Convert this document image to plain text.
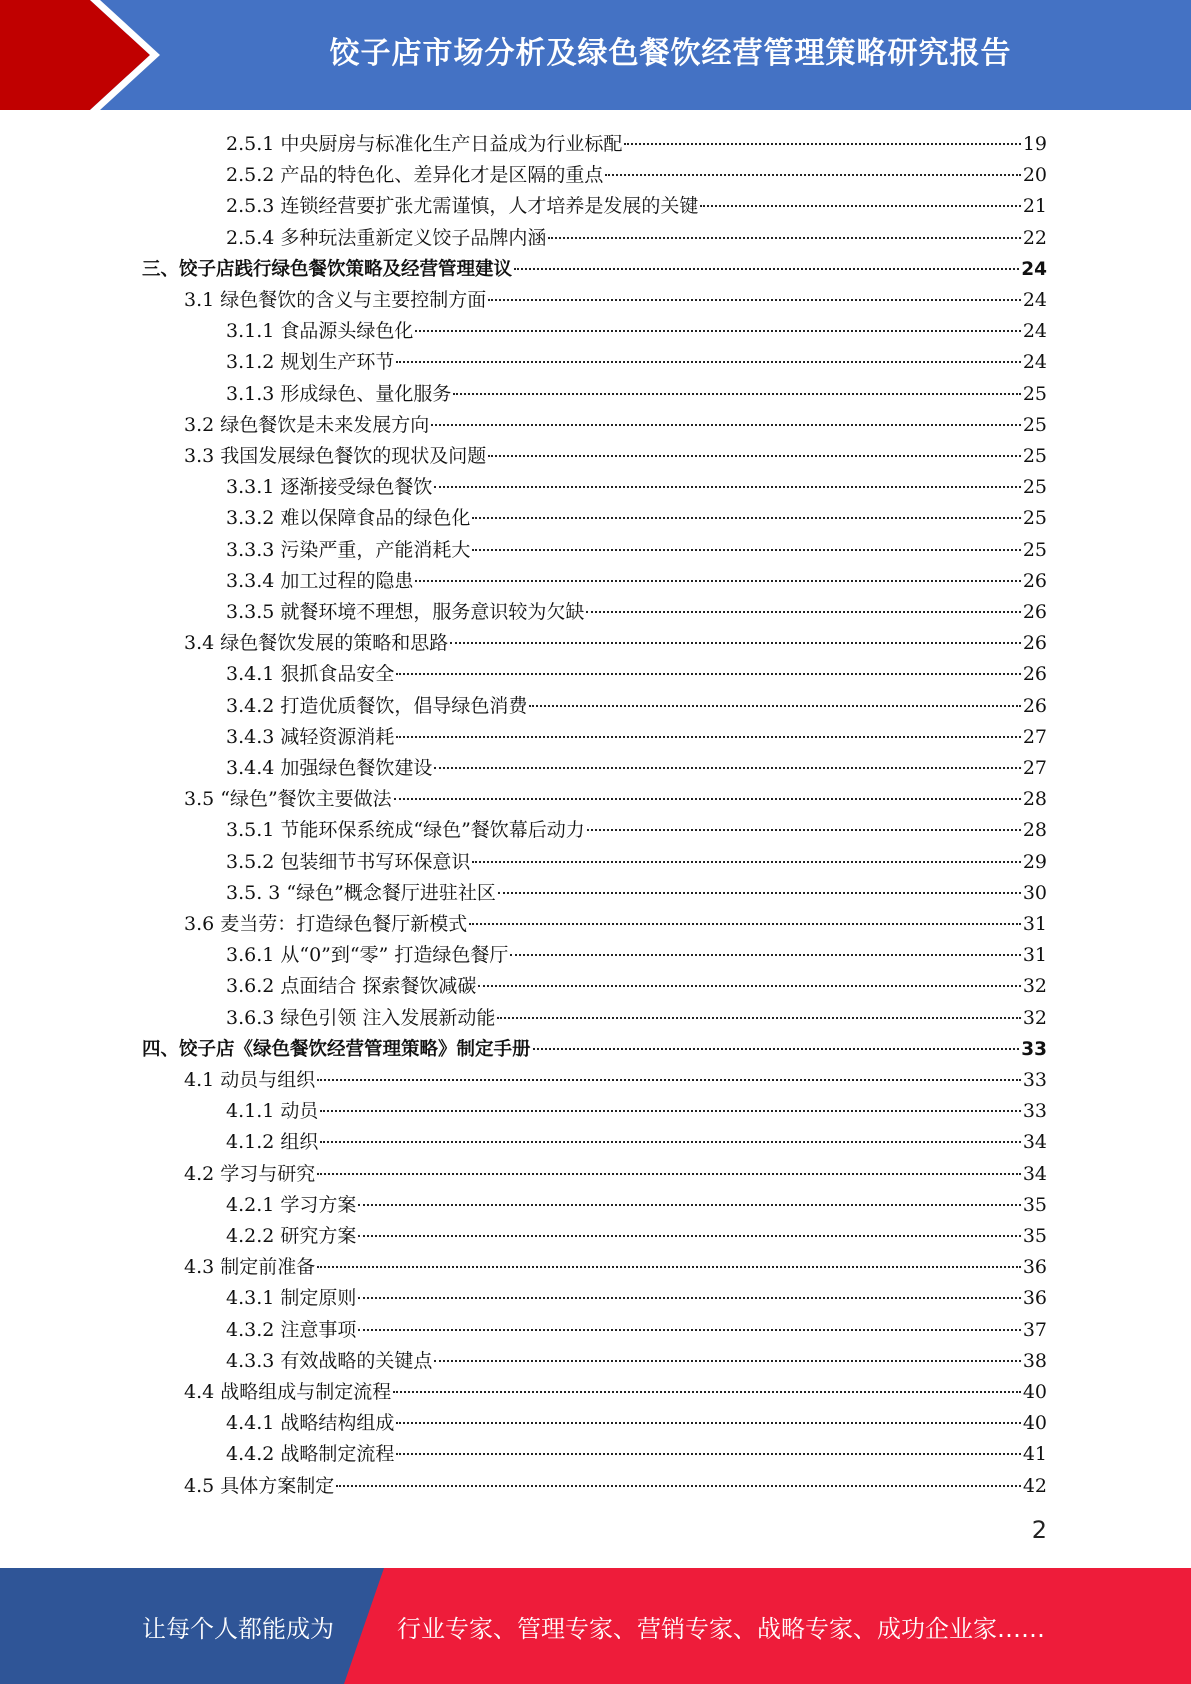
饺子店市场分析及绿色餐饮经营管理策略研究报告
2.5.1 中央厨房与标准化生产日益成为行业标配	19
2.5.2 产品的特色化、差异化才是区隔的重点	20
2.5.3 连锁经营要扩张尤需谨慎，人才培养是发展的关键	21
2.5.4 多种玩法重新定义饺子品牌内涵	22
三、饺子店践行绿色餐饮策略及经营管理建议	24
3.1 绿色餐饮的含义与主要控制方面	24
3.1.1 食品源头绿色化	24
3.1.2 规划生产环节	24
3.1.3 形成绿色、量化服务	25
3.2 绿色餐饮是未来发展方向	25
3.3 我国发展绿色餐饮的现状及问题	25
3.3.1 逐渐接受绿色餐饮	25
3.3.2 难以保障食品的绿色化	25
3.3.3 污染严重，产能消耗大	25
3.3.4 加工过程的隐患	26
3.3.5 就餐环境不理想，服务意识较为欠缺	26
3.4 绿色餐饮发展的策略和思路	26
3.4.1 狠抓食品安全	26
3.4.2 打造优质餐饮，倡导绿色消费	26
3.4.3 减轻资源消耗	27
3.4.4 加强绿色餐饮建设	27
3.5 “绿色”餐饮主要做法	28
3.5.1 节能环保系统成“绿色”餐饮幕后动力	28
3.5.2 包装细节书写环保意识	29
3.5. 3 “绿色”概念餐厅进驻社区	30
3.6 麦当劳：打造绿色餐厅新模式	31
3.6.1 从“0”到“零” 打造绿色餐厅	31
3.6.2 点面结合 探索餐饮减碳	32
3.6.3 绿色引领 注入发展新动能	32
四、饺子店《绿色餐饮经营管理策略》制定手册	33
4.1 动员与组织	33
4.1.1 动员	33
4.1.2 组织	34
4.2 学习与研究	34
4.2.1 学习方案	35
4.2.2 研究方案	35
4.3 制定前准备	36
4.3.1 制定原则	36
4.3.2 注意事项	37
4.3.3 有效战略的关键点	38
4.4 战略组成与制定流程	40
4.4.1 战略结构组成	40
4.4.2 战略制定流程	41
4.5 具体方案制定	42
2
让每个人都能成为	行业专家、管理专家、营销专家、战略专家、成功企业家……
